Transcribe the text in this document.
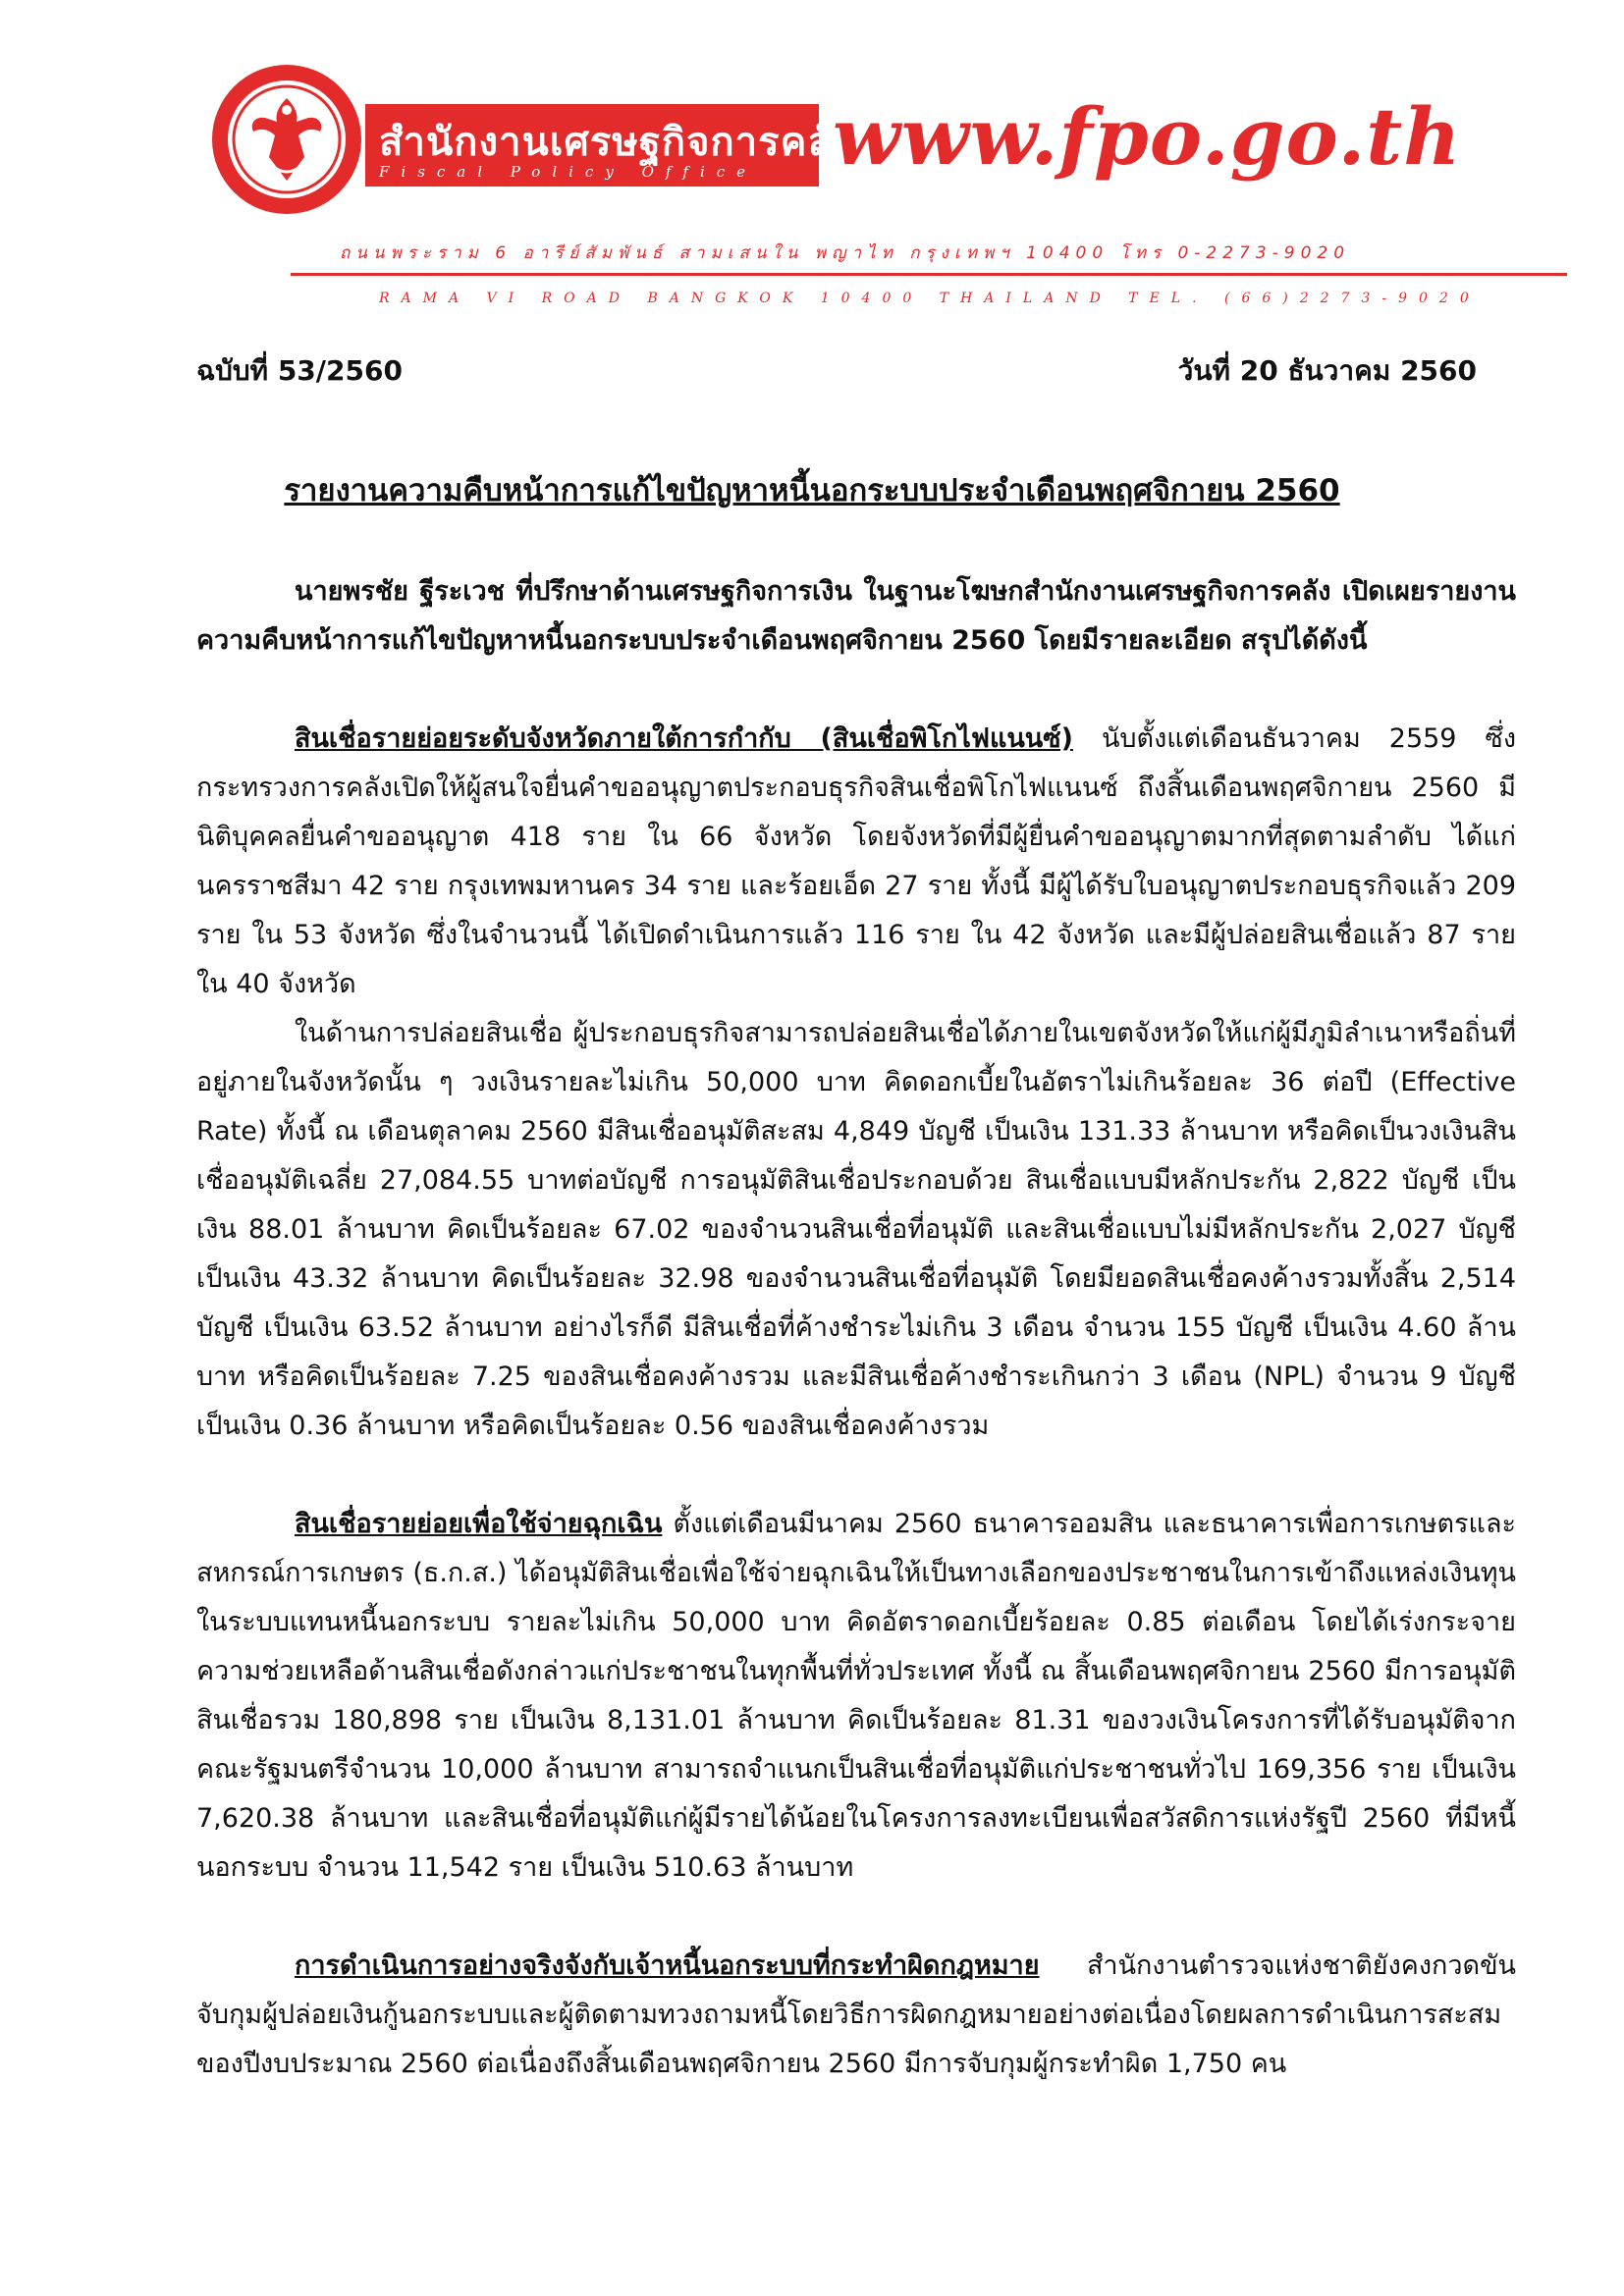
สำนักงานเศรษฐกิจการคลัง
Fiscal Policy Office www.fpo.go.th
ถนนพระราม 6 อารีย์สัมพันธ์ สามเสนใน พญาไท กรุงเทพฯ 10400 โทร 0-2273-9020
RAMA VI ROAD BANGKOK 10400 THAILAND TEL. (66)2273-9020
ฉบับที่ 53/2560	วันที่ 20 ธันวาคม 2560
รายงานความคืบหน้าการแก้ไขปัญหาหนี้นอกระบบประจำเดือนพฤศจิกายน 2560

นายพรชัย ฐีระเวช ที่ปรึกษาด้านเศรษฐกิจการเงิน ในฐานะโฆษกสำนักงานเศรษฐกิจการคลัง เปิดเผยรายงานความคืบหน้าการแก้ไขปัญหาหนี้นอกระบบประจำเดือนพฤศจิกายน 2560 โดยมีรายละเอียด สรุปได้ดังนี้

สินเชื่อรายย่อยระดับจังหวัดภายใต้การกำกับ (สินเชื่อพิโกไฟแนนซ์) นับตั้งแต่เดือนธันวาคม 2559 ซึ่งกระทรวงการคลังเปิดให้ผู้สนใจยื่นคำขออนุญาตประกอบธุรกิจสินเชื่อพิโกไฟแนนซ์ ถึงสิ้นเดือนพฤศจิกายน 2560 มีนิติบุคคลยื่นคำขออนุญาต 418 ราย ใน 66 จังหวัด โดยจังหวัดที่มีผู้ยื่นคำขออนุญาตมากที่สุดตามลำดับ ได้แก่ นครราชสีมา 42 ราย กรุงเทพมหานคร 34 ราย และร้อยเอ็ด 27 ราย ทั้งนี้ มีผู้ได้รับใบอนุญาตประกอบธุรกิจแล้ว 209 ราย ใน 53 จังหวัด ซึ่งในจำนวนนี้ ได้เปิดดำเนินการแล้ว 116 ราย ใน 42 จังหวัด และมีผู้ปล่อยสินเชื่อแล้ว 87 ราย ใน 40 จังหวัด

ในด้านการปล่อยสินเชื่อ ผู้ประกอบธุรกิจสามารถปล่อยสินเชื่อได้ภายในเขตจังหวัดให้แก่ผู้มีภูมิลำเนาหรือถิ่นที่อยู่ภายในจังหวัดนั้น ๆ วงเงินรายละไม่เกิน 50,000 บาท คิดดอกเบี้ยในอัตราไม่เกินร้อยละ 36 ต่อปี (Effective Rate) ทั้งนี้ ณ เดือนตุลาคม 2560 มีสินเชื่ออนุมัติสะสม 4,849 บัญชี เป็นเงิน 131.33 ล้านบาท หรือคิดเป็นวงเงินสินเชื่ออนุมัติเฉลี่ย 27,084.55 บาทต่อบัญชี การอนุมัติสินเชื่อประกอบด้วย สินเชื่อแบบมีหลักประกัน 2,822 บัญชี เป็นเงิน 88.01 ล้านบาท คิดเป็นร้อยละ 67.02 ของจำนวนสินเชื่อที่อนุมัติ และสินเชื่อแบบไม่มีหลักประกัน 2,027 บัญชี เป็นเงิน 43.32 ล้านบาท คิดเป็นร้อยละ 32.98 ของจำนวนสินเชื่อที่อนุมัติ โดยมียอดสินเชื่อคงค้างรวมทั้งสิ้น 2,514 บัญชี เป็นเงิน 63.52 ล้านบาท อย่างไรก็ดี มีสินเชื่อที่ค้างชำระไม่เกิน 3 เดือน จำนวน 155 บัญชี เป็นเงิน 4.60 ล้านบาท หรือคิดเป็นร้อยละ 7.25 ของสินเชื่อคงค้างรวม และมีสินเชื่อค้างชำระเกินกว่า 3 เดือน (NPL) จำนวน 9 บัญชี เป็นเงิน 0.36 ล้านบาท หรือคิดเป็นร้อยละ 0.56 ของสินเชื่อคงค้างรวม

สินเชื่อรายย่อยเพื่อใช้จ่ายฉุกเฉิน ตั้งแต่เดือนมีนาคม 2560 ธนาคารออมสิน และธนาคารเพื่อการเกษตรและสหกรณ์การเกษตร (ธ.ก.ส.) ได้อนุมัติสินเชื่อเพื่อใช้จ่ายฉุกเฉินให้เป็นทางเลือกของประชาชนในการเข้าถึงแหล่งเงินทุนในระบบแทนหนี้นอกระบบ รายละไม่เกิน 50,000 บาท คิดอัตราดอกเบี้ยร้อยละ 0.85 ต่อเดือน โดยได้เร่งกระจายความช่วยเหลือด้านสินเชื่อดังกล่าวแก่ประชาชนในทุกพื้นที่ทั่วประเทศ ทั้งนี้ ณ สิ้นเดือนพฤศจิกายน 2560 มีการอนุมัติสินเชื่อรวม 180,898 ราย เป็นเงิน 8,131.01 ล้านบาท คิดเป็นร้อยละ 81.31 ของวงเงินโครงการที่ได้รับอนุมัติจากคณะรัฐมนตรีจำนวน 10,000 ล้านบาท สามารถจำแนกเป็นสินเชื่อที่อนุมัติแก่ประชาชนทั่วไป 169,356 ราย เป็นเงิน 7,620.38 ล้านบาท และสินเชื่อที่อนุมัติแก่ผู้มีรายได้น้อยในโครงการลงทะเบียนเพื่อสวัสดิการแห่งรัฐปี 2560 ที่มีหนี้นอกระบบ จำนวน 11,542 ราย เป็นเงิน 510.63 ล้านบาท

การดำเนินการอย่างจริงจังกับเจ้าหนี้นอกระบบที่กระทำผิดกฎหมาย สำนักงานตำรวจแห่งชาติยังคงกวดขันจับกุมผู้ปล่อยเงินกู้นอกระบบและผู้ติดตามทวงถามหนี้โดยวิธีการผิดกฎหมายอย่างต่อเนื่องโดยผลการดำเนินการสะสมของปีงบประมาณ 2560 ต่อเนื่องถึงสิ้นเดือนพฤศจิกายน 2560 มีการจับกุมผู้กระทำผิด 1,750 คน
